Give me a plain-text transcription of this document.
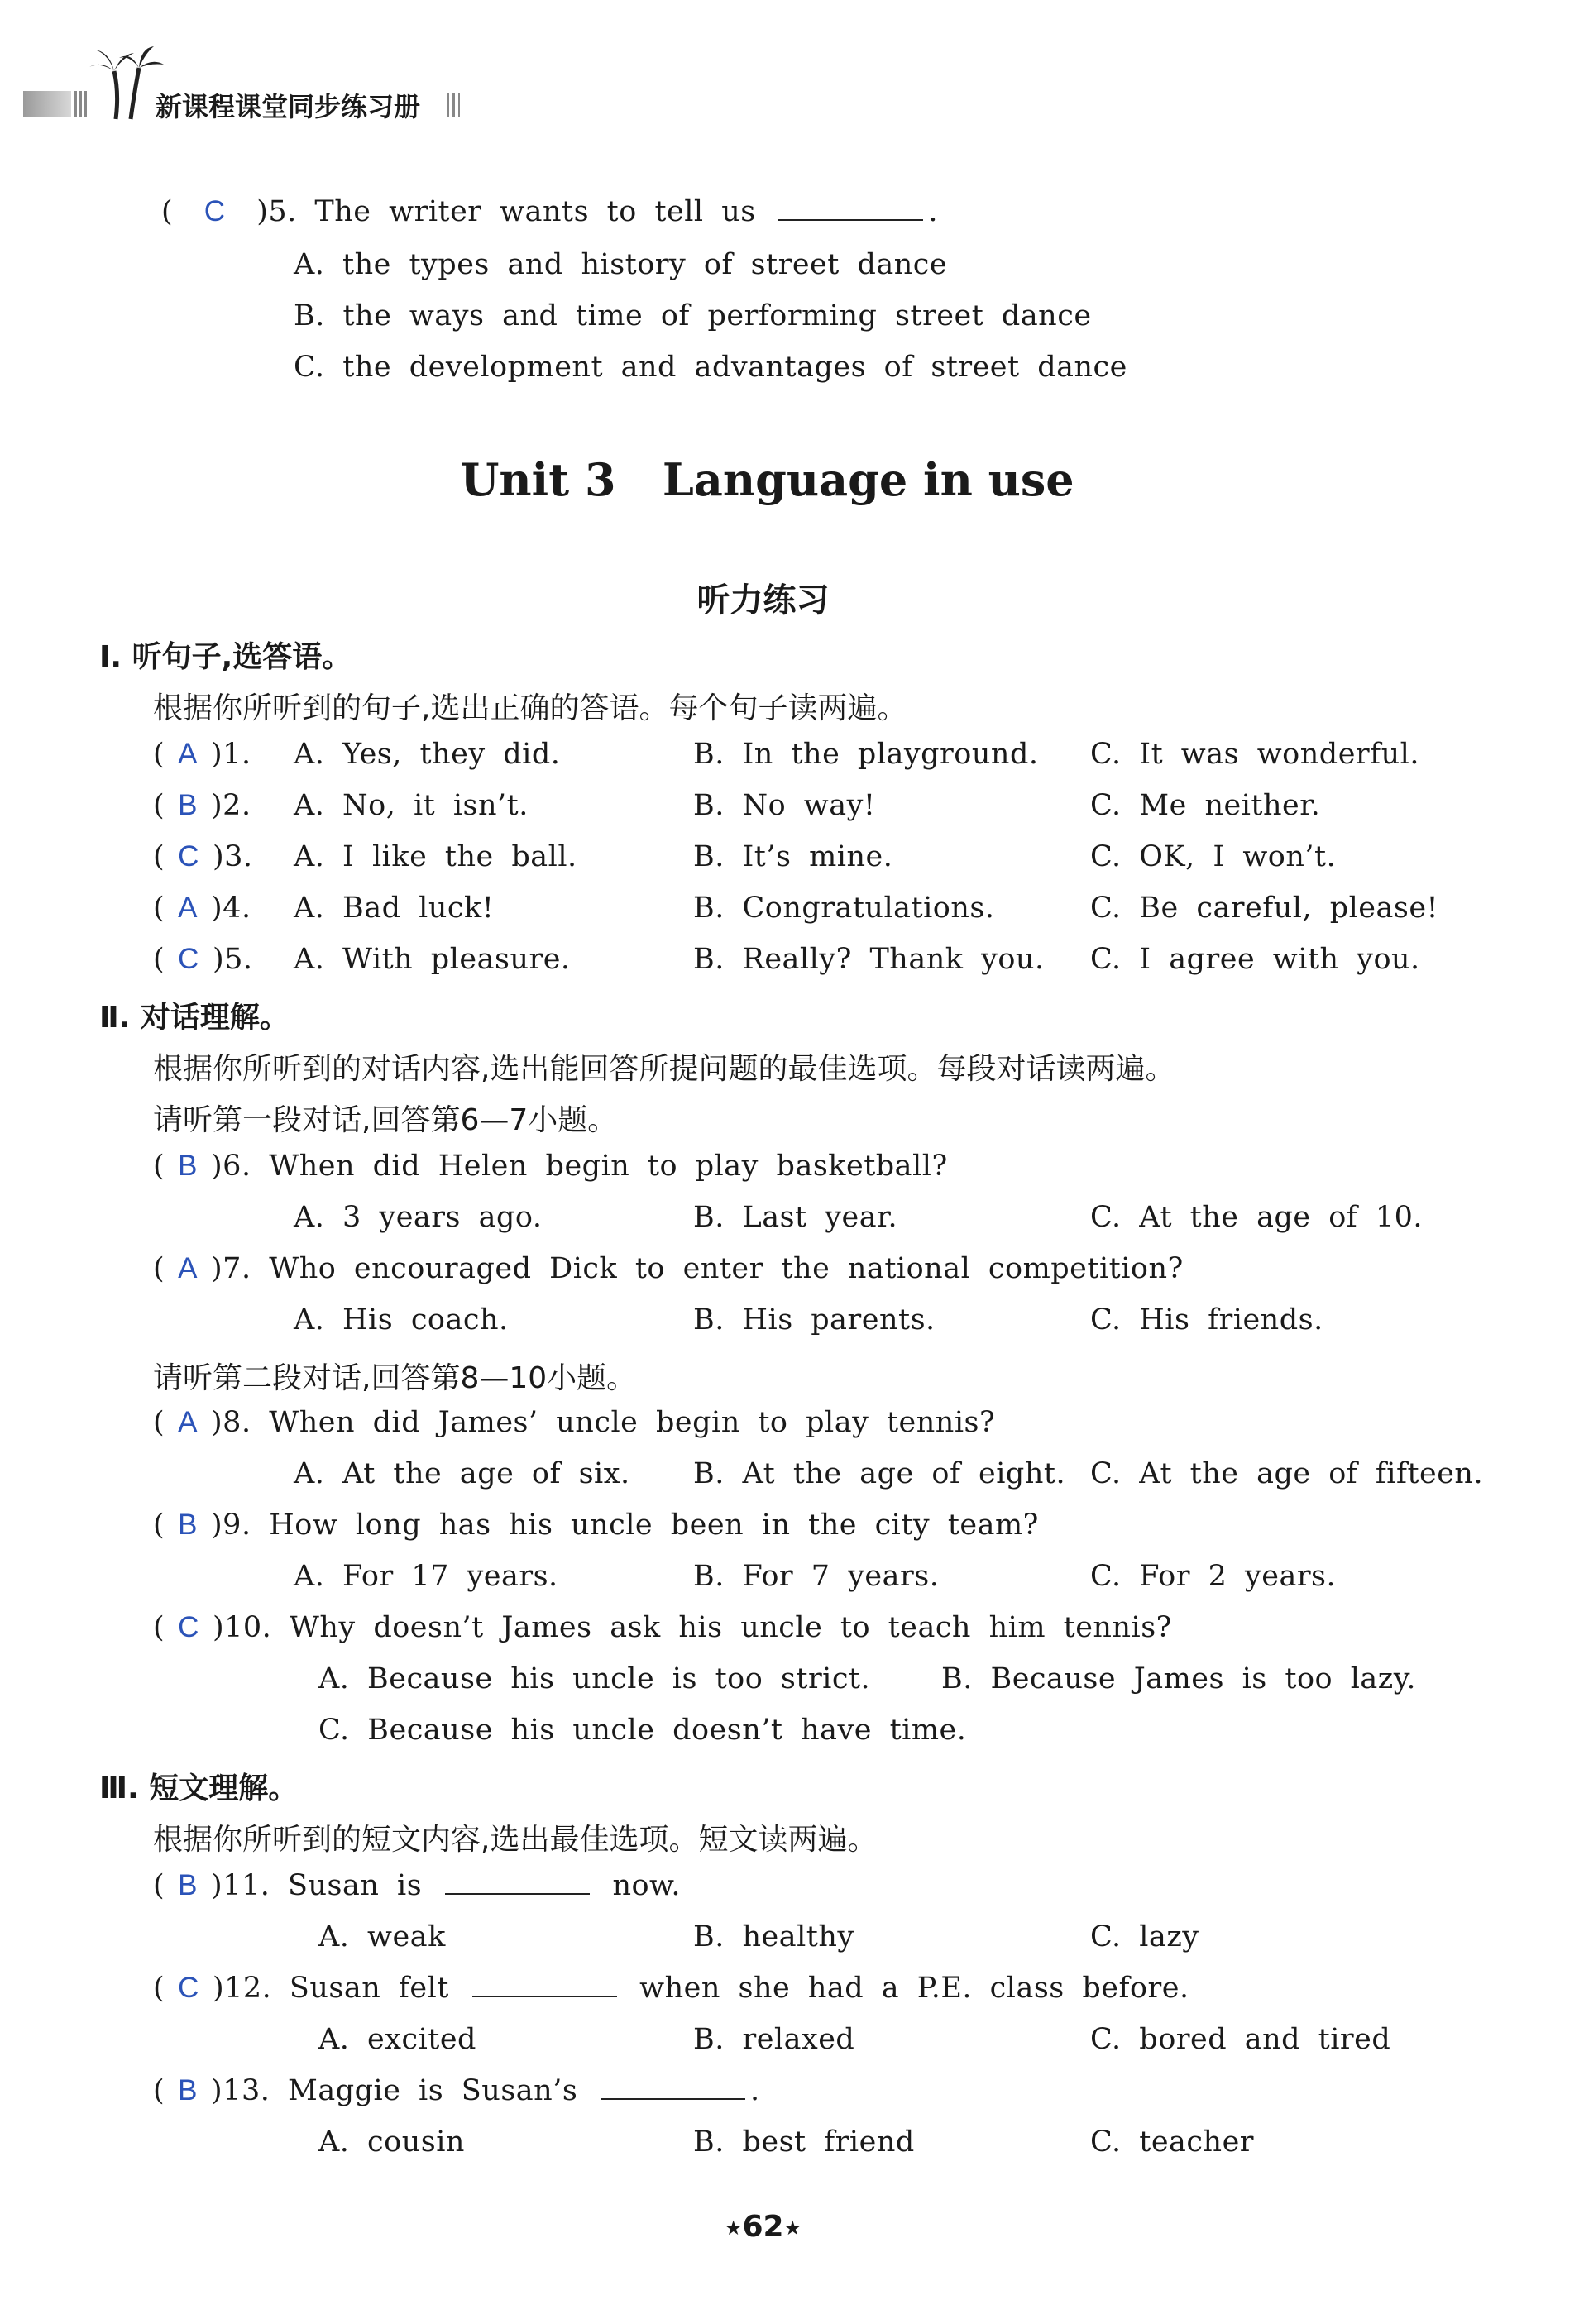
新课程课堂同步练习册
( C )5. The writer wants to tell us	.
A. the types and history of street dance
B. the ways and time of performing street dance
C. the development and advantages of street dance
Unit 3   Language in use
听力练习
Ⅰ. 听句子,选答语。
根据你所听到的句子,选出正确的答语。每个句子读两遍。
( A )1. A. Yes, they did.	B. In the playground. C. It was wonderful.
( B )2. A. No, it isn’t.	B. No way!	C. Me neither.
( C )3. A. I like the ball.	B. It’s mine.	C. OK, I won’t.
( A )4. A. Bad luck!	B. Congratulations.	C. Be careful, please!
( C )5. A. With pleasure.	B. Really? Thank you. C. I agree with you.
Ⅱ. 对话理解。
根据你所听到的对话内容,选出能回答所提问题的最佳选项。每段对话读两遍。
请听第一段对话,回答第6—7小题。
( B )6. When did Helen begin to play basketball?
A. 3 years ago.	B. Last year.	C. At the age of 10.
( A )7. Who encouraged Dick to enter the national competition?
A. His coach.	B. His parents.	C. His friends.
请听第二段对话,回答第8—10小题。
( A )8. When did James’ uncle begin to play tennis?
A. At the age of six. B. At the age of eight. C. At the age of fifteen.
( B )9. How long has his uncle been in the city team?
A. For 17 years.	B. For 7 years.	C. For 2 years.
( C )10. Why doesn’t James ask his uncle to teach him tennis?
A. Because his uncle is too strict. B. Because James is too lazy.
C. Because his uncle doesn’t have time.
Ⅲ. 短文理解。
根据你所听到的短文内容,选出最佳选项。短文读两遍。
( B )11. Susan is	now.
A. weak	B. healthy	C. lazy
( C )12. Susan felt	when she had a P.E. class before.
A. excited	B. relaxed	C. bored and tired
( B )13. Maggie is Susan’s	.
A. cousin	B. best friend	C. teacher
★62★
